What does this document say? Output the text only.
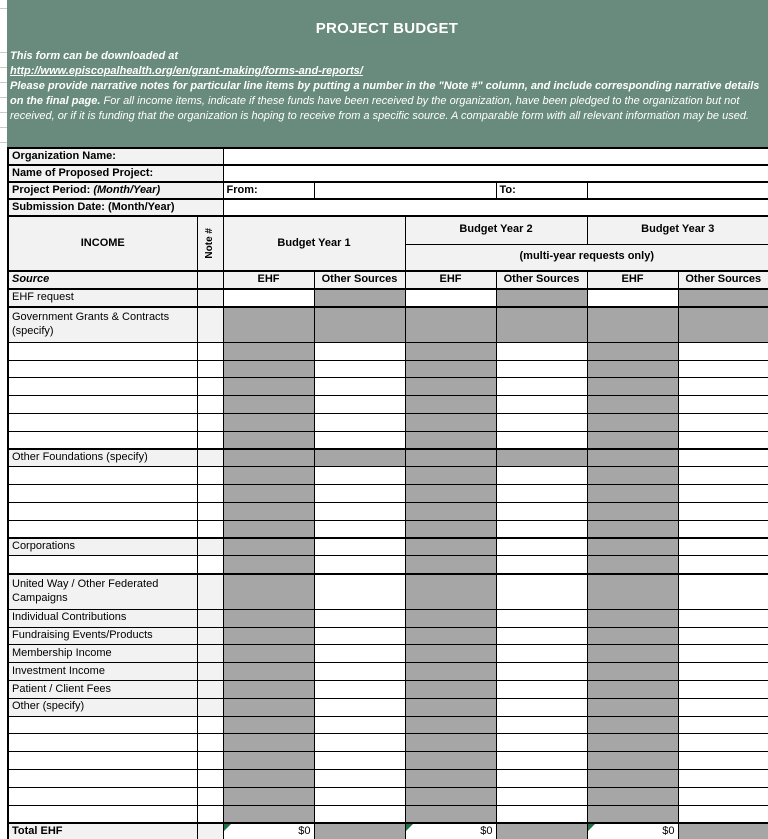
PROJECT BUDGET
This form can be downloaded at
http://www.episcopalhealth.org/en/grant-making/forms-and-reports/

Please provide narrative notes for particular line items by putting a number in the "Note #" column, and include corresponding narrative details on the final page. For all income items, indicate if these funds have been received by the organization, have been pledged to the organization but not received, or if it is funding that the organization is hoping to receive from a specific source. A comparable form with all relevant information may be used.

Organization Name:							
Name of Proposed Project:							
Project Period: (Month/Year)		From:			To:		
Submission Date: (Month/Year)							
INCOME	Note #	Budget Year 1		Budget Year 2		Budget Year 3	
				(multi-year requests only)			
Source		EHF	Other Sources	EHF	Other Sources	EHF	Other Sources
EHF request							
Government Grants & Contracts (specify)							

Other Foundations (specify)							

Corporations							

United Way / Other Federated Campaigns							
Individual Contributions							
Fundraising Events/Products							
Membership Income							
Investment Income							
Patient / Client Fees							
Other (specify)							

Total EHF		$0		$0		$0	
